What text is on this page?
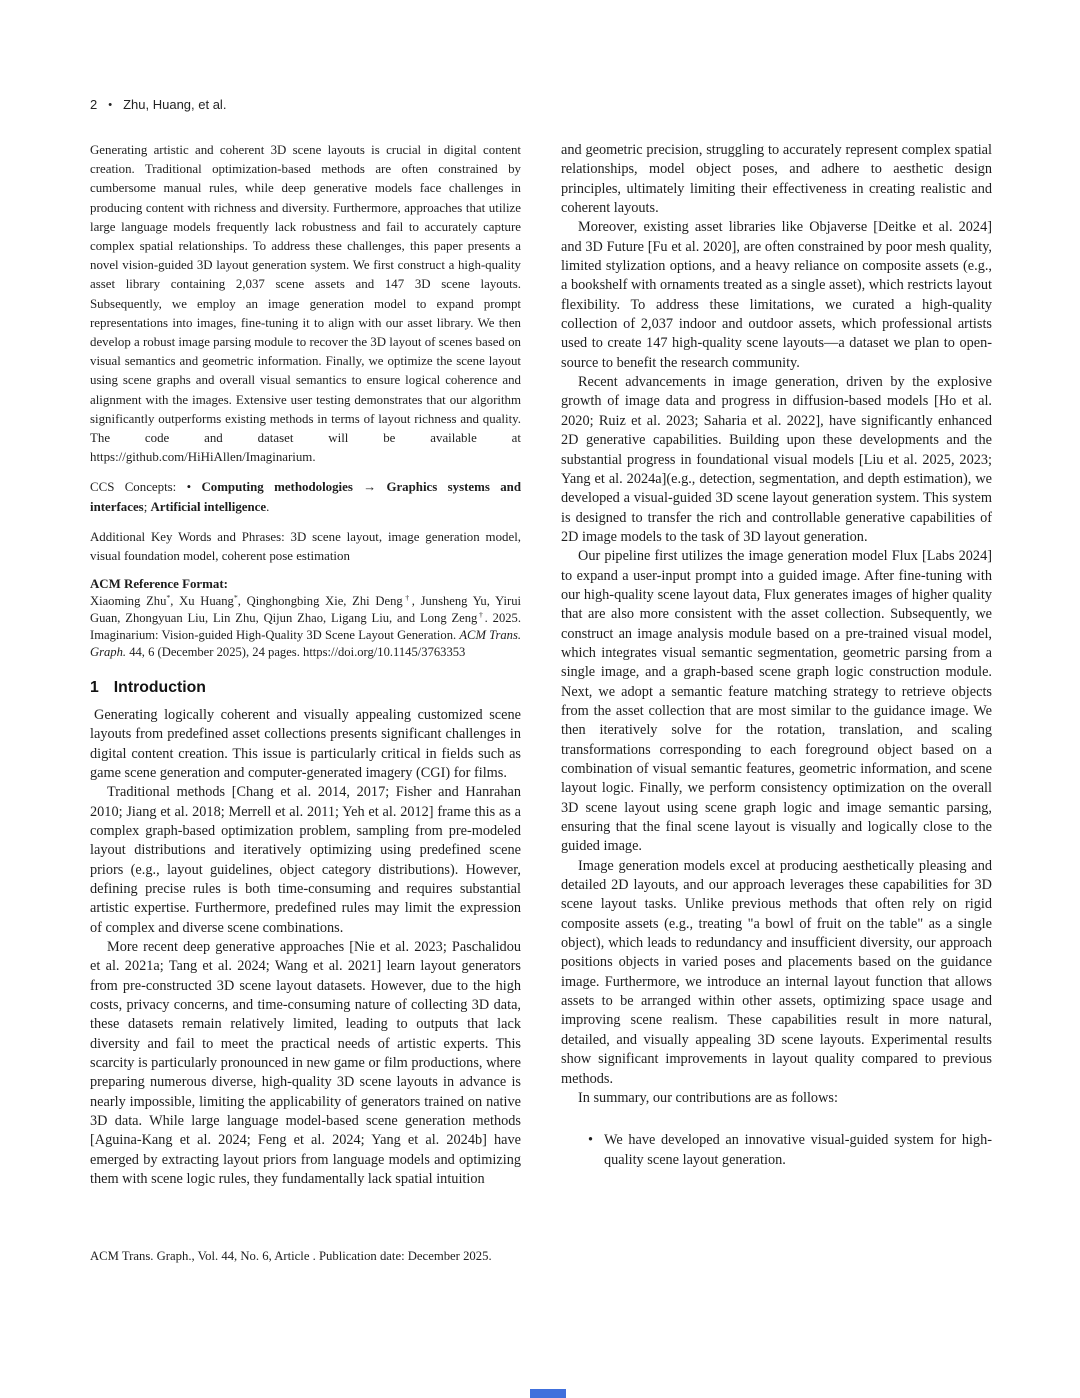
2 • Zhu, Huang, et al.

Generating artistic and coherent 3D scene layouts is crucial in digital content creation. Traditional optimization-based methods are often constrained by cumbersome manual rules, while deep generative models face challenges in producing content with richness and diversity. Furthermore, approaches that utilize large language models frequently lack robustness and fail to accurately capture complex spatial relationships. To address these challenges, this paper presents a novel vision-guided 3D layout generation system. We first construct a high-quality asset library containing 2,037 scene assets and 147 3D scene layouts. Subsequently, we employ an image generation model to expand prompt representations into images, fine-tuning it to align with our asset library. We then develop a robust image parsing module to recover the 3D layout of scenes based on visual semantics and geometric information. Finally, we optimize the scene layout using scene graphs and overall visual semantics to ensure logical coherence and alignment with the images. Extensive user testing demonstrates that our algorithm significantly outperforms existing methods in terms of layout richness and quality. The code and dataset will be available at https://github.com/HiHiAllen/Imaginarium.

CCS Concepts: • Computing methodologies → Graphics systems and interfaces; Artificial intelligence.

Additional Key Words and Phrases: 3D scene layout, image generation model, visual foundation model, coherent pose estimation

ACM Reference Format:

Xiaoming Zhu*, Xu Huang*, Qinghongbing Xie, Zhi Deng†, Junsheng Yu, Yirui Guan, Zhongyuan Liu, Lin Zhu, Qijun Zhao, Ligang Liu, and Long Zeng†. 2025. Imaginarium: Vision-guided High-Quality 3D Scene Layout Generation. ACM Trans. Graph. 44, 6 (December 2025), 24 pages. https://doi.org/10.1145/3763353

1 Introduction

Generating logically coherent and visually appealing customized scene layouts from predefined asset collections presents significant challenges in digital content creation. This issue is particularly critical in fields such as game scene generation and computer-generated imagery (CGI) for films.

Traditional methods [Chang et al. 2014, 2017; Fisher and Hanrahan 2010; Jiang et al. 2018; Merrell et al. 2011; Yeh et al. 2012] frame this as a complex graph-based optimization problem, sampling from pre-modeled layout distributions and iteratively optimizing using predefined scene priors (e.g., layout guidelines, object category distributions). However, defining precise rules is both time-consuming and requires substantial artistic expertise. Furthermore, predefined rules may limit the expression of complex and diverse scene combinations.

More recent deep generative approaches [Nie et al. 2023; Paschalidou et al. 2021a; Tang et al. 2024; Wang et al. 2021] learn layout generators from pre-constructed 3D scene layout datasets. However, due to the high costs, privacy concerns, and time-consuming nature of collecting 3D data, these datasets remain relatively limited, leading to outputs that lack diversity and fail to meet the practical needs of artistic experts. This scarcity is particularly pronounced in new game or film productions, where preparing numerous diverse, high-quality 3D scene layouts in advance is nearly impossible, limiting the applicability of generators trained on native 3D data. While large language model-based scene generation methods [Aguina-Kang et al. 2024; Feng et al. 2024; Yang et al. 2024b] have emerged by extracting layout priors from language models and optimizing them with scene logic rules, they fundamentally lack spatial intuition

and geometric precision, struggling to accurately represent complex spatial relationships, model object poses, and adhere to aesthetic design principles, ultimately limiting their effectiveness in creating realistic and coherent layouts.

Moreover, existing asset libraries like Objaverse [Deitke et al. 2024] and 3D Future [Fu et al. 2020], are often constrained by poor mesh quality, limited stylization options, and a heavy reliance on composite assets (e.g., a bookshelf with ornaments treated as a single asset), which restricts layout flexibility. To address these limitations, we curated a high-quality collection of 2,037 indoor and outdoor assets, which professional artists used to create 147 high-quality scene layouts—a dataset we plan to open-source to benefit the research community.

Recent advancements in image generation, driven by the explosive growth of image data and progress in diffusion-based models [Ho et al. 2020; Ruiz et al. 2023; Saharia et al. 2022], have significantly enhanced 2D generative capabilities. Building upon these developments and the substantial progress in foundational visual models [Liu et al. 2025, 2023; Yang et al. 2024a](e.g., detection, segmentation, and depth estimation), we developed a visual-guided 3D scene layout generation system. This system is designed to transfer the rich and controllable generative capabilities of 2D image models to the task of 3D layout generation.

Our pipeline first utilizes the image generation model Flux [Labs 2024] to expand a user-input prompt into a guided image. After fine-tuning with our high-quality scene layout data, Flux generates images of higher quality that are also more consistent with the asset collection. Subsequently, we construct an image analysis module based on a pre-trained visual model, which integrates visual semantic segmentation, geometric parsing from a single image, and a graph-based scene graph logic construction module. Next, we adopt a semantic feature matching strategy to retrieve objects from the asset collection that are most similar to the guidance image. We then iteratively solve for the rotation, translation, and scaling transformations corresponding to each foreground object based on a combination of visual semantic features, geometric information, and scene layout logic. Finally, we perform consistency optimization on the overall 3D scene layout using scene graph logic and image semantic parsing, ensuring that the final scene layout is visually and logically close to the guided image.

Image generation models excel at producing aesthetically pleasing and detailed 2D layouts, and our approach leverages these capabilities for 3D scene layout tasks. Unlike previous methods that often rely on rigid composite assets (e.g., treating "a bowl of fruit on the table" as a single object), which leads to redundancy and insufficient diversity, our approach positions objects in varied poses and placements based on the guidance image. Furthermore, we introduce an internal layout function that allows assets to be arranged within other assets, optimizing space usage and improving scene realism. These capabilities result in more natural, detailed, and visually appealing 3D scene layouts. Experimental results show significant improvements in layout quality compared to previous methods.

In summary, our contributions are as follows:

• We have developed an innovative visual-guided system for high-quality scene layout generation.
ACM Trans. Graph., Vol. 44, No. 6, Article . Publication date: December 2025.
